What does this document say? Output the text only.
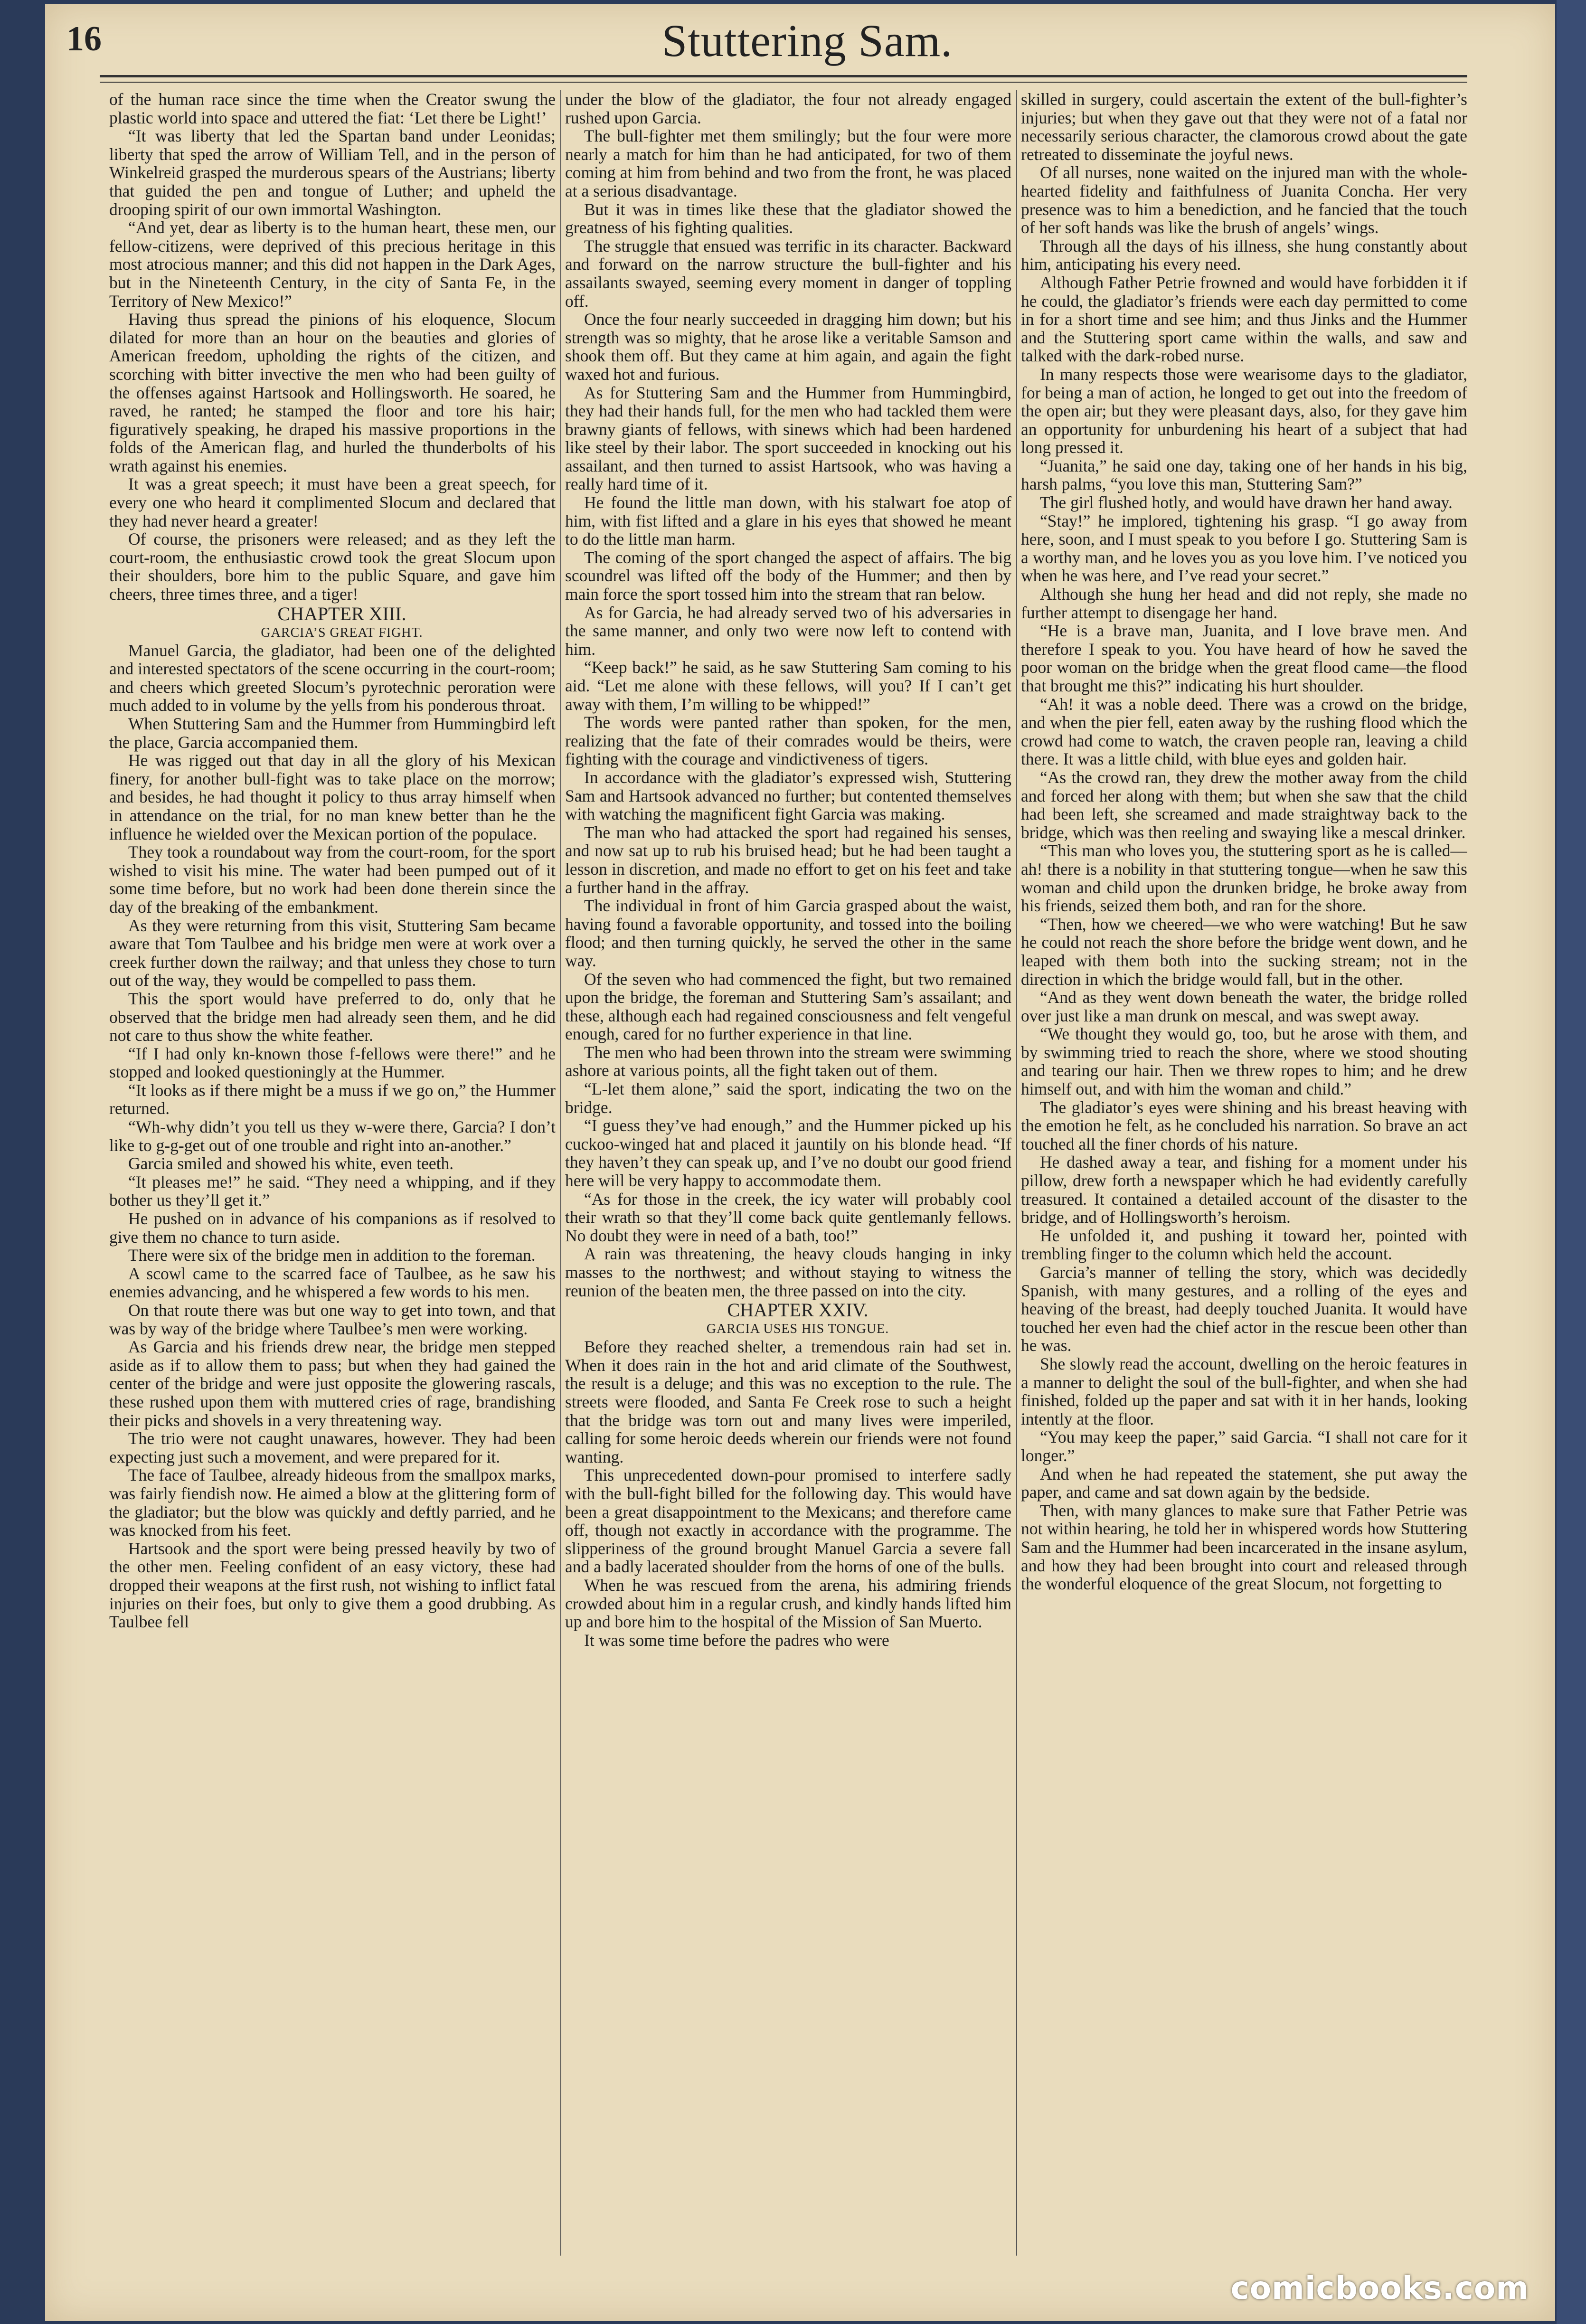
16	Stuttering Sam.

of the human race since the time when the Creator swung the plastic world into space and uttered the fiat: ‘Let there be Light!’

“It was liberty that led the Spartan band under Leonidas; liberty that sped the arrow of William Tell, and in the person of Winkelreid grasped the murderous spears of the Austrians; liberty that guided the pen and tongue of Luther; and upheld the drooping spirit of our own immortal Washington.

“And yet, dear as liberty is to the human heart, these men, our fellow-citizens, were deprived of this precious heritage in this most atrocious manner; and this did not happen in the Dark Ages, but in the Nineteenth Century, in the city of Santa Fe, in the Territory of New Mexico!”

Having thus spread the pinions of his eloquence, Slocum dilated for more than an hour on the beauties and glories of American freedom, upholding the rights of the citizen, and scorching with bitter invective the men who had been guilty of the offenses against Hartsook and Hollingsworth. He soared, he raved, he ranted; he stamped the floor and tore his hair; figuratively speaking, he draped his massive proportions in the folds of the American flag, and hurled the thunderbolts of his wrath against his enemies.

It was a great speech; it must have been a great speech, for every one who heard it complimented Slocum and declared that they had never heard a greater!

Of course, the prisoners were released; and as they left the court-room, the enthusiastic crowd took the great Slocum upon their shoulders, bore him to the public Square, and gave him cheers, three times three, and a tiger!

CHAPTER XIII.

GARCIA’S GREAT FIGHT.

Manuel Garcia, the gladiator, had been one of the delighted and interested spectators of the scene occurring in the court-room; and cheers which greeted Slocum’s pyrotechnic peroration were much added to in volume by the yells from his ponderous throat.

When Stuttering Sam and the Hummer from Hummingbird left the place, Garcia accompanied them.

He was rigged out that day in all the glory of his Mexican finery, for another bull-fight was to take place on the morrow; and besides, he had thought it policy to thus array himself when in attendance on the trial, for no man knew better than he the influence he wielded over the Mexican portion of the populace.

They took a roundabout way from the court-room, for the sport wished to visit his mine. The water had been pumped out of it some time before, but no work had been done therein since the day of the breaking of the embankment.

As they were returning from this visit, Stuttering Sam became aware that Tom Taulbee and his bridge men were at work over a creek further down the railway; and that unless they chose to turn out of the way, they would be compelled to pass them.

This the sport would have preferred to do, only that he observed that the bridge men had already seen them, and he did not care to thus show the white feather.

“If I had only kn-known those f-fellows were there!” and he stopped and looked questioningly at the Hummer.

“It looks as if there might be a muss if we go on,” the Hummer returned.

“Wh-why didn’t you tell us they w-were there, Garcia? I don’t like to g-g-get out of one trouble and right into an-another.”

Garcia smiled and showed his white, even teeth.

“It pleases me!” he said. “They need a whipping, and if they bother us they’ll get it.”

He pushed on in advance of his companions as if resolved to give them no chance to turn aside.

There were six of the bridge men in addition to the foreman.

A scowl came to the scarred face of Taulbee, as he saw his enemies advancing, and he whispered a few words to his men.

On that route there was but one way to get into town, and that was by way of the bridge where Taulbee’s men were working.

As Garcia and his friends drew near, the bridge men stepped aside as if to allow them to pass; but when they had gained the center of the bridge and were just opposite the glowering rascals, these rushed upon them with muttered cries of rage, brandishing their picks and shovels in a very threatening way.

The trio were not caught unawares, however. They had been expecting just such a movement, and were prepared for it.

The face of Taulbee, already hideous from the smallpox marks, was fairly fiendish now. He aimed a blow at the glittering form of the gladiator; but the blow was quickly and deftly parried, and he was knocked from his feet.

Hartsook and the sport were being pressed heavily by two of the other men. Feeling confident of an easy victory, these had dropped their weapons at the first rush, not wishing to inflict fatal injuries on their foes, but only to give them a good drubbing. As Taulbee fell

under the blow of the gladiator, the four not already engaged rushed upon Garcia.

The bull-fighter met them smilingly; but the four were more nearly a match for him than he had anticipated, for two of them coming at him from behind and two from the front, he was placed at a serious disadvantage.

But it was in times like these that the gladiator showed the greatness of his fighting qualities.

The struggle that ensued was terrific in its character. Backward and forward on the narrow structure the bull-fighter and his assailants swayed, seeming every moment in danger of toppling off.

Once the four nearly succeeded in dragging him down; but his strength was so mighty, that he arose like a veritable Samson and shook them off. But they came at him again, and again the fight waxed hot and furious.

As for Stuttering Sam and the Hummer from Hummingbird, they had their hands full, for the men who had tackled them were brawny giants of fellows, with sinews which had been hardened like steel by their labor. The sport succeeded in knocking out his assailant, and then turned to assist Hartsook, who was having a really hard time of it.

He found the little man down, with his stalwart foe atop of him, with fist lifted and a glare in his eyes that showed he meant to do the little man harm.

The coming of the sport changed the aspect of affairs. The big scoundrel was lifted off the body of the Hummer; and then by main force the sport tossed him into the stream that ran below.

As for Garcia, he had already served two of his adversaries in the same manner, and only two were now left to contend with him.

“Keep back!” he said, as he saw Stuttering Sam coming to his aid. “Let me alone with these fellows, will you? If I can’t get away with them, I’m willing to be whipped!”

The words were panted rather than spoken, for the men, realizing that the fate of their comrades would be theirs, were fighting with the courage and vindictiveness of tigers.

In accordance with the gladiator’s expressed wish, Stuttering Sam and Hartsook advanced no further; but contented themselves with watching the magnificent fight Garcia was making.

The man who had attacked the sport had regained his senses, and now sat up to rub his bruised head; but he had been taught a lesson in discretion, and made no effort to get on his feet and take a further hand in the affray.

The individual in front of him Garcia grasped about the waist, having found a favorable opportunity, and tossed into the boiling flood; and then turning quickly, he served the other in the same way.

Of the seven who had commenced the fight, but two remained upon the bridge, the foreman and Stuttering Sam’s assailant; and these, although each had regained consciousness and felt vengeful enough, cared for no further experience in that line.

The men who had been thrown into the stream were swimming ashore at various points, all the fight taken out of them.

“L-let them alone,” said the sport, indicating the two on the bridge.

“I guess they’ve had enough,” and the Hummer picked up his cuckoo-winged hat and placed it jauntily on his blonde head. “If they haven’t they can speak up, and I’ve no doubt our good friend here will be very happy to accommodate them.

“As for those in the creek, the icy water will probably cool their wrath so that they’ll come back quite gentlemanly fellows. No doubt they were in need of a bath, too!”

A rain was threatening, the heavy clouds hanging in inky masses to the northwest; and without staying to witness the reunion of the beaten men, the three passed on into the city.

CHAPTER XXIV.

GARCIA USES HIS TONGUE.

Before they reached shelter, a tremendous rain had set in. When it does rain in the hot and arid climate of the Southwest, the result is a deluge; and this was no exception to the rule. The streets were flooded, and Santa Fe Creek rose to such a height that the bridge was torn out and many lives were imperiled, calling for some heroic deeds wherein our friends were not found wanting.

This unprecedented down-pour promised to interfere sadly with the bull-fight billed for the following day. This would have been a great disappointment to the Mexicans; and therefore came off, though not exactly in accordance with the programme. The slipperiness of the ground brought Manuel Garcia a severe fall and a badly lacerated shoulder from the horns of one of the bulls.

When he was rescued from the arena, his admiring friends crowded about him in a regular crush, and kindly hands lifted him up and bore him to the hospital of the Mission of San Muerto.

It was some time before the padres who were

skilled in surgery, could ascertain the extent of the bull-fighter’s injuries; but when they gave out that they were not of a fatal nor necessarily serious character, the clamorous crowd about the gate retreated to disseminate the joyful news.

Of all nurses, none waited on the injured man with the whole-hearted fidelity and faithfulness of Juanita Concha. Her very presence was to him a benediction, and he fancied that the touch of her soft hands was like the brush of angels’ wings.

Through all the days of his illness, she hung constantly about him, anticipating his every need.

Although Father Petrie frowned and would have forbidden it if he could, the gladiator’s friends were each day permitted to come in for a short time and see him; and thus Jinks and the Hummer and the Stuttering sport came within the walls, and saw and talked with the dark-robed nurse.

In many respects those were wearisome days to the gladiator, for being a man of action, he longed to get out into the freedom of the open air; but they were pleasant days, also, for they gave him an opportunity for unburdening his heart of a subject that had long pressed it.

“Juanita,” he said one day, taking one of her hands in his big, harsh palms, “you love this man, Stuttering Sam?”

The girl flushed hotly, and would have drawn her hand away.

“Stay!” he implored, tightening his grasp. “I go away from here, soon, and I must speak to you before I go. Stuttering Sam is a worthy man, and he loves you as you love him. I’ve noticed you when he was here, and I’ve read your secret.”

Although she hung her head and did not reply, she made no further attempt to disengage her hand.

“He is a brave man, Juanita, and I love brave men. And therefore I speak to you. You have heard of how he saved the poor woman on the bridge when the great flood came—the flood that brought me this?” indicating his hurt shoulder.

“Ah! it was a noble deed. There was a crowd on the bridge, and when the pier fell, eaten away by the rushing flood which the crowd had come to watch, the craven people ran, leaving a child there. It was a little child, with blue eyes and golden hair.

“As the crowd ran, they drew the mother away from the child and forced her along with them; but when she saw that the child had been left, she screamed and made straightway back to the bridge, which was then reeling and swaying like a mescal drinker.

“This man who loves you, the stuttering sport as he is called—ah! there is a nobility in that stuttering tongue—when he saw this woman and child upon the drunken bridge, he broke away from his friends, seized them both, and ran for the shore.

“Then, how we cheered—we who were watching! But he saw he could not reach the shore before the bridge went down, and he leaped with them both into the sucking stream; not in the direction in which the bridge would fall, but in the other.

“And as they went down beneath the water, the bridge rolled over just like a man drunk on mescal, and was swept away.

“We thought they would go, too, but he arose with them, and by swimming tried to reach the shore, where we stood shouting and tearing our hair. Then we threw ropes to him; and he drew himself out, and with him the woman and child.”

The gladiator’s eyes were shining and his breast heaving with the emotion he felt, as he concluded his narration. So brave an act touched all the finer chords of his nature.

He dashed away a tear, and fishing for a moment under his pillow, drew forth a newspaper which he had evidently carefully treasured. It contained a detailed account of the disaster to the bridge, and of Hollingsworth’s heroism.

He unfolded it, and pushing it toward her, pointed with trembling finger to the column which held the account.

Garcia’s manner of telling the story, which was decidedly Spanish, with many gestures, and a rolling of the eyes and heaving of the breast, had deeply touched Juanita. It would have touched her even had the chief actor in the rescue been other than he was.

She slowly read the account, dwelling on the heroic features in a manner to delight the soul of the bull-fighter, and when she had finished, folded up the paper and sat with it in her hands, looking intently at the floor.

“You may keep the paper,” said Garcia. “I shall not care for it longer.”

And when he had repeated the statement, she put away the paper, and came and sat down again by the bedside.

Then, with many glances to make sure that Father Petrie was not within hearing, he told her in whispered words how Stuttering Sam and the Hummer had been incarcerated in the insane asylum, and how they had been brought into court and released through the wonderful eloquence of the great Slocum, not forgetting to

comicbooks.com
